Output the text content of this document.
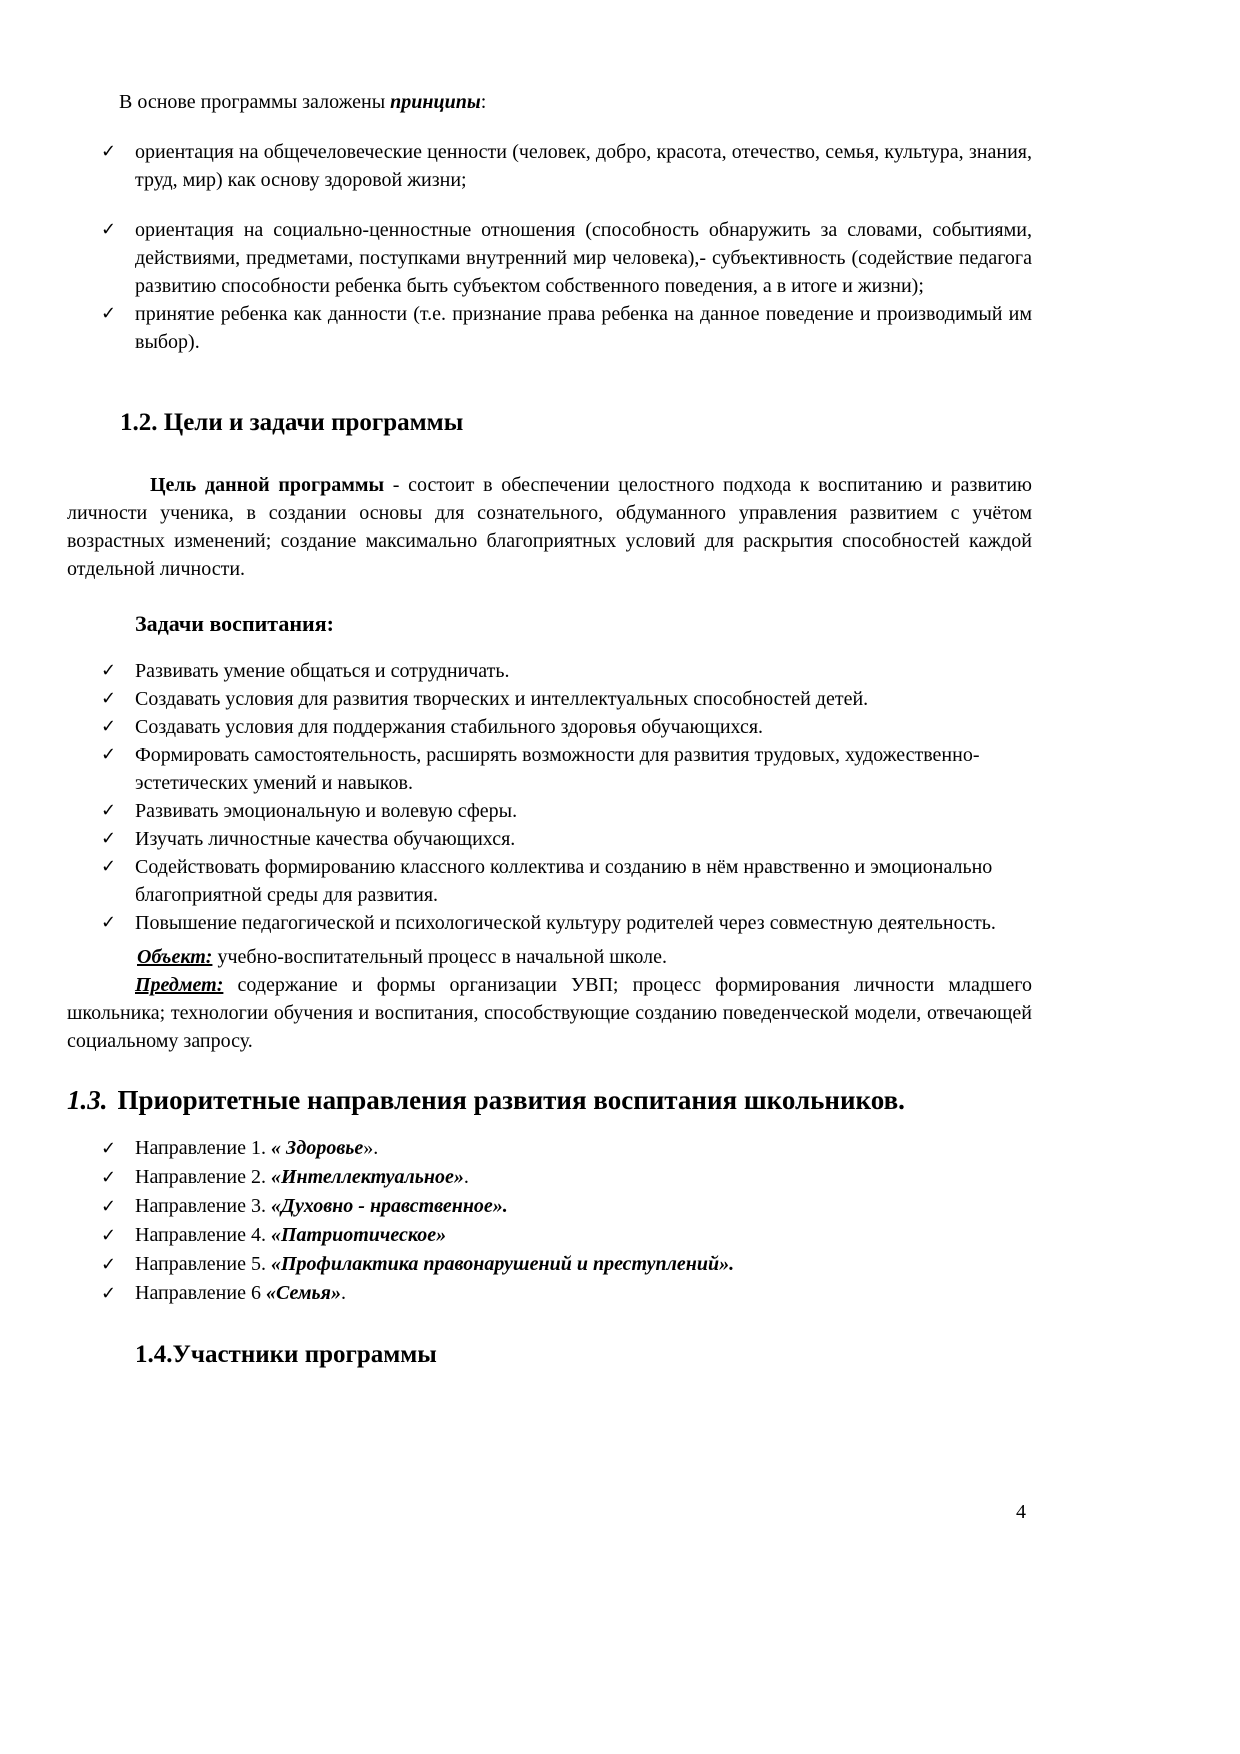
В основе программы заложены принципы:

✓ ориентация на общечеловеческие ценности (человек, добро, красота, отечество, семья, культура, знания, труд, мир) как основу здоровой жизни;
✓ ориентация на социально-ценностные отношения (способность обнаружить за словами, событиями, действиями, предметами, поступками внутренний мир человека),- субъективность (содействие педагога развитию способности ребенка быть субъектом собственного поведения, а в итоге и жизни);
✓ принятие ребенка как данности (т.е. признание права ребенка на данное поведение и производимый им выбор).
1.2. Цели и задачи программы

Цель данной программы - состоит в обеспечении целостного подхода к воспитанию и развитию личности ученика, в создании основы для сознательного, обдуманного управления развитием с учётом возрастных изменений; создание максимально благоприятных условий для раскрытия способностей каждой отдельной личности.

Задачи воспитания:
✓ Развивать умение общаться и сотрудничать.
✓ Создавать условия для развития творческих и интеллектуальных способностей детей.
✓ Создавать условия для поддержания стабильного здоровья обучающихся.
✓ Формировать самостоятельность, расширять возможности для развития трудовых, художественно-эстетических умений и навыков.
✓ Развивать эмоциональную и волевую сферы.
✓ Изучать личностные качества обучающихся.
✓ Содействовать формированию классного коллектива и созданию в нём нравственно и эмоционально благоприятной среды для развития.
✓ Повышение педагогической и психологической культуру родителей через совместную деятельность.

Объект: учебно-воспитательный процесс в начальной школе.

Предмет: содержание и формы организации УВП; процесс формирования личности младшего школьника; технологии обучения и воспитания, способствующие созданию поведенческой модели, отвечающей социальному запросу.

1.3. Приоритетные направления развития воспитания школьников.
✓ Направление 1. « Здоровье».
✓ Направление 2. «Интеллектуальное».
✓ Направление 3. «Духовно - нравственное».
✓ Направление 4. «Патриотическое»
✓ Направление 5. «Профилактика правонарушений и преступлений».
✓ Направление 6 «Семья».
1.4.Участники программы
4
